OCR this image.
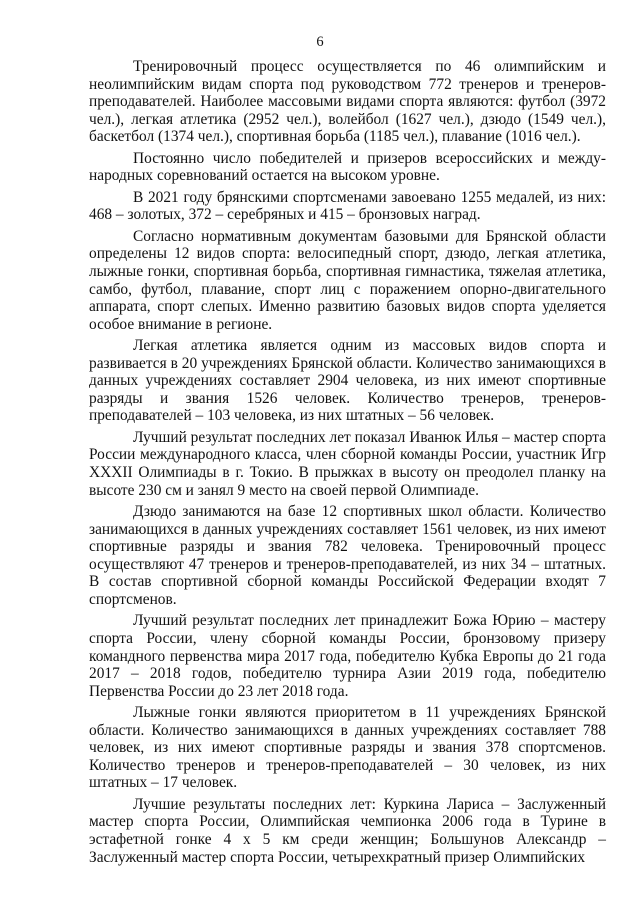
6

Тренировочный процесс осуществляется по 46 олимпийским и неолимпийским видам спорта под руководством 772 тренеров и тренеров-преподавателей. Наиболее массовыми видами спорта являются: футбол (3972 чел.), легкая атлетика (2952 чел.), волейбол (1627 чел.), дзюдо (1549 чел.), баскетбол (1374 чел.), спортивная борьба (1185 чел.), плавание (1016 чел.).

Постоянно число победителей и призеров всероссийских и международных соревнований остается на высоком уровне.

В 2021 году брянскими спортсменами завоевано 1255 медалей, из них: 468 – золотых, 372 – серебряных и 415 – бронзовых наград.

Согласно нормативным документам базовыми для Брянской области определены 12 видов спорта: велосипедный спорт, дзюдо, легкая атлетика, лыжные гонки, спортивная борьба, спортивная гимнастика, тяжелая атлетика, самбо, футбол, плавание, спорт лиц с поражением опорно-двигательного аппарата, спорт слепых. Именно развитию базовых видов спорта уделяется особое внимание в регионе.

Легкая атлетика является одним из массовых видов спорта и развивается в 20 учреждениях Брянской области. Количество занимающихся в данных учреждениях составляет 2904 человека, из них имеют спортивные разряды и звания 1526 человек. Количество тренеров, тренеров-преподавателей – 103 человека, из них штатных – 56 человек.

Лучший результат последних лет показал Иванюк Илья – мастер спорта России международного класса, член сборной команды России, участник Игр XXXII Олимпиады в г. Токио. В прыжках в высоту он преодолел планку на высоте 230 см и занял 9 место на своей первой Олимпиаде.

Дзюдо занимаются на базе 12 спортивных школ области. Количество занимающихся в данных учреждениях составляет 1561 человек, из них имеют спортивные разряды и звания 782 человека. Тренировочный процесс осуществляют 47 тренеров и тренеров-преподавателей, из них 34 – штатных. В состав спортивной сборной команды Российской Федерации входят 7 спортсменов.

Лучший результат последних лет принадлежит Божа Юрию – мастеру спорта России, члену сборной команды России, бронзовому призеру командного первенства мира 2017 года, победителю Кубка Европы до 21 года 2017 – 2018 годов, победителю турнира Азии 2019 года, победителю Первенства России до 23 лет 2018 года.

Лыжные гонки являются приоритетом в 11 учреждениях Брянской области. Количество занимающихся в данных учреждениях составляет 788 человек, из них имеют спортивные разряды и звания 378 спортсменов. Количество тренеров и тренеров-преподавателей – 30 человек, из них штатных – 17 человек.

Лучшие результаты последних лет: Куркина Лариса – Заслуженный мастер спорта России, Олимпийская чемпионка 2006 года в Турине в эстафетной гонке 4 х 5 км среди женщин; Большунов Александр – Заслуженный мастер спорта России, четырехкратный призер Олимпийских
